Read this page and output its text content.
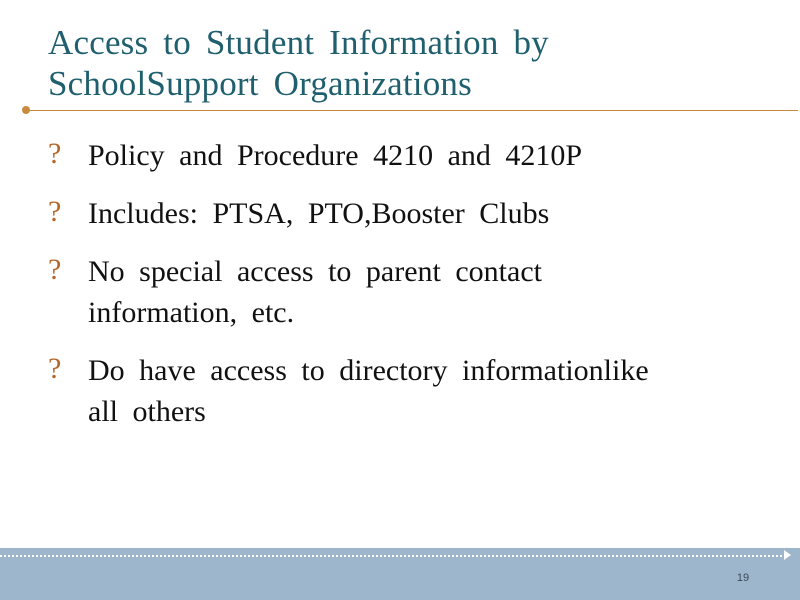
Access to Student Information by
SchoolSupport Organizations
? Policy and Procedure 4210 and 4210P
? Includes: PTSA, PTO,Booster Clubs
? No special access to parent contact
information, etc.
? Do have access to directory informationlike
all others
19
